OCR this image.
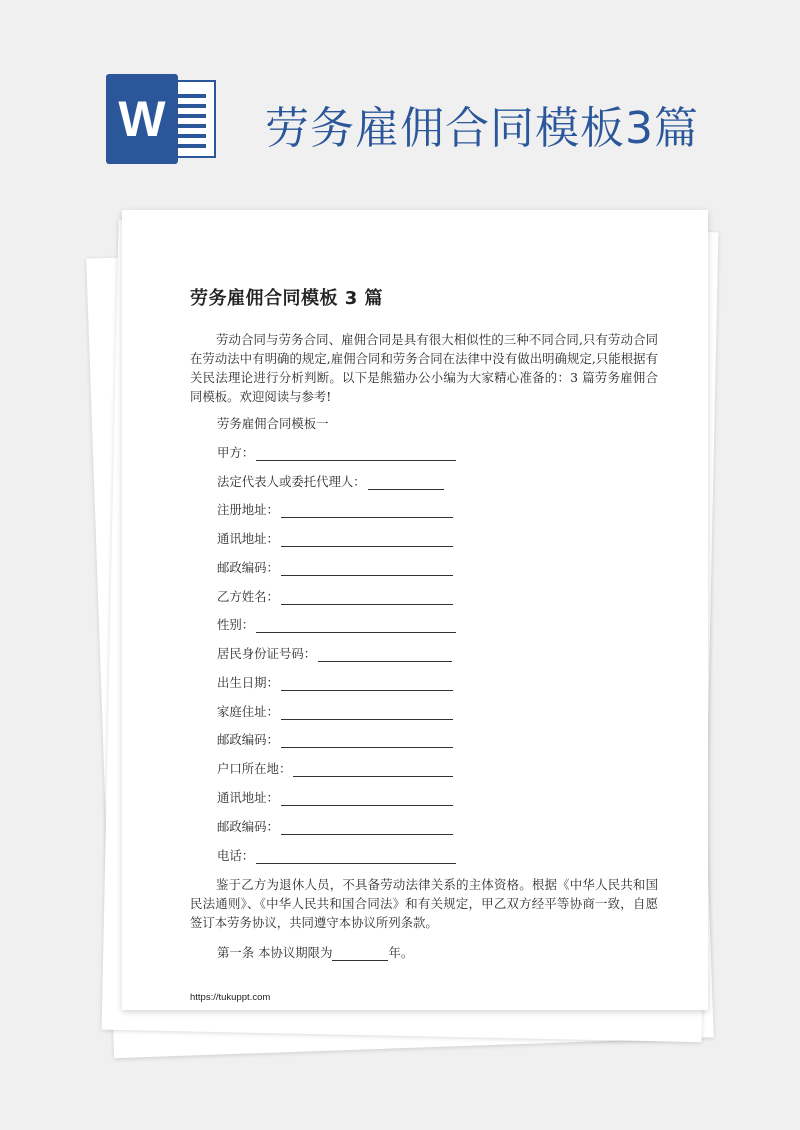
W 劳务雇佣合同模板3篇
劳务雇佣合同模板 3 篇
劳动合同与劳务合同、雇佣合同是具有很大相似性的三种不同合同,只有劳动合同在劳动法中有明确的规定,雇佣合同和劳务合同在法律中没有做出明确规定,只能根据有关民法理论进行分析判断。以下是熊猫办公小编为大家精心准备的：3 篇劳务雇佣合同模板。欢迎阅读与参考!
劳务雇佣合同模板一
甲方：
法定代表人或委托代理人：
注册地址：
通讯地址：
邮政编码：
乙方姓名：
性别：
居民身份证号码：
出生日期：
家庭住址：
邮政编码：
户口所在地：
通讯地址：
邮政编码：
电话：
鉴于乙方为退休人员，不具备劳动法律关系的主体资格。根据《中华人民共和国民法通则》、《中华人民共和国合同法》和有关规定，甲乙双方经平等协商一致，自愿签订本劳务协议，共同遵守本协议所列条款。
第一条 本协议期限为	年。
https://tukuppt.com
